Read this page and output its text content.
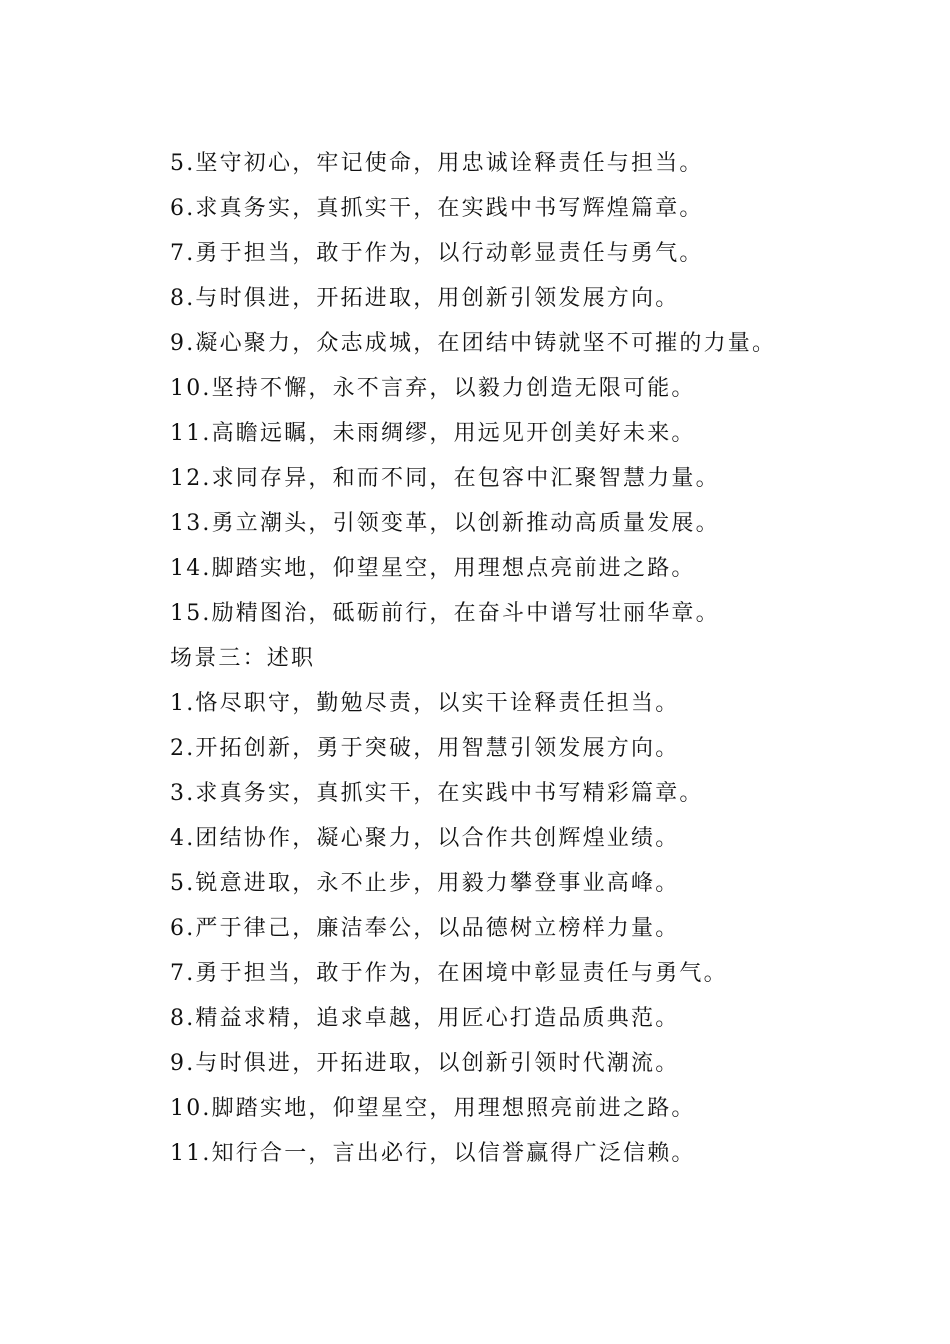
5.坚守初心，牢记使命，用忠诚诠释责任与担当。
6.求真务实，真抓实干，在实践中书写辉煌篇章。
7.勇于担当，敢于作为，以行动彰显责任与勇气。
8.与时俱进，开拓进取，用创新引领发展方向。
9.凝心聚力，众志成城，在团结中铸就坚不可摧的力量。
10.坚持不懈，永不言弃，以毅力创造无限可能。
11.高瞻远瞩，未雨绸缪，用远见开创美好未来。
12.求同存异，和而不同，在包容中汇聚智慧力量。
13.勇立潮头，引领变革，以创新推动高质量发展。
14.脚踏实地，仰望星空，用理想点亮前进之路。
15.励精图治，砥砺前行，在奋斗中谱写壮丽华章。
场景三：述职
1.恪尽职守，勤勉尽责，以实干诠释责任担当。
2.开拓创新，勇于突破，用智慧引领发展方向。
3.求真务实，真抓实干，在实践中书写精彩篇章。
4.团结协作，凝心聚力，以合作共创辉煌业绩。
5.锐意进取，永不止步，用毅力攀登事业高峰。
6.严于律己，廉洁奉公，以品德树立榜样力量。
7.勇于担当，敢于作为，在困境中彰显责任与勇气。
8.精益求精，追求卓越，用匠心打造品质典范。
9.与时俱进，开拓进取，以创新引领时代潮流。
10.脚踏实地，仰望星空，用理想照亮前进之路。
11.知行合一，言出必行，以信誉赢得广泛信赖。
